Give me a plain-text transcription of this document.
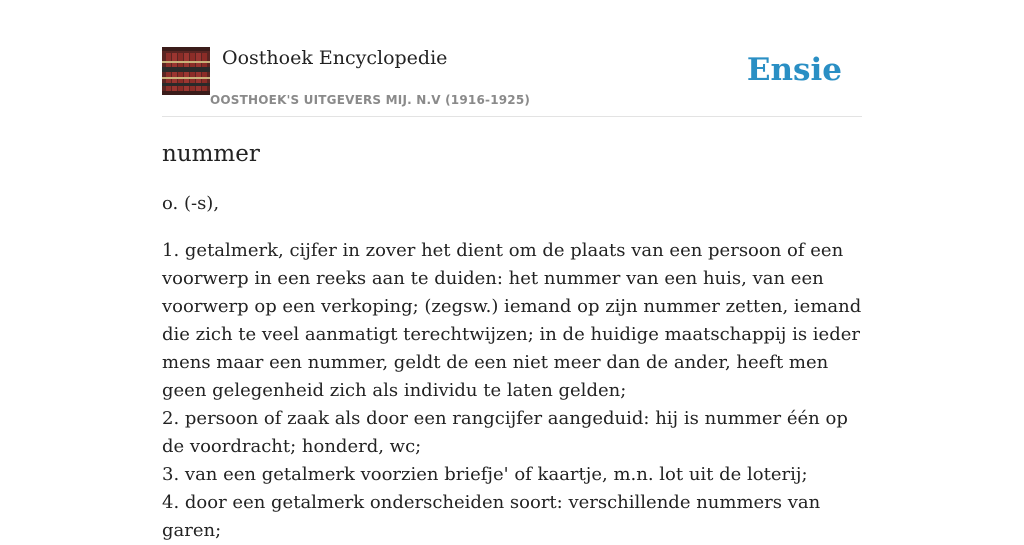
Oosthoek Encyclopedie
OOSTHOEK'S UITGEVERS MIJ. N.V (1916-1925)
Ensie
nummer

o. (-s),

1. getalmerk, cijfer in zover het dient om de plaats van een persoon of een voorwerp in een reeks aan te duiden: het nummer van een huis, van een voorwerp op een verkoping; (zegsw.) iemand op zijn nummer zetten, iemand die zich te veel aanmatigt terechtwijzen; in de huidige maatschappij is ieder mens maar een nummer, geldt de een niet meer dan de ander, heeft men geen gelegenheid zich als individu te laten gelden;

2. persoon of zaak als door een rangcijfer aangeduid: hij is nummer één op de voordracht; honderd, wc;

3. van een getalmerk voorzien briefje' of kaartje, m.n. lot uit de loterij;

4. door een getalmerk onderscheiden soort: verschillende nummers van garen;
